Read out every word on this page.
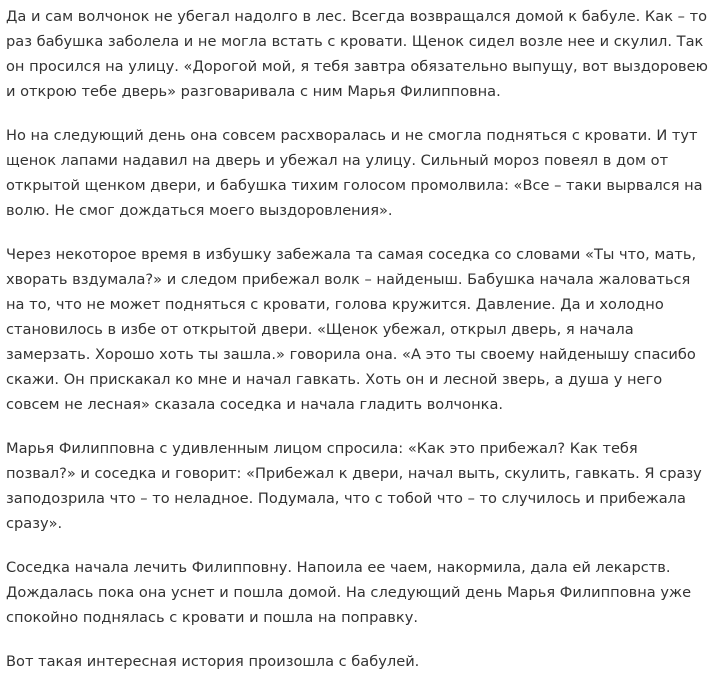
Да и сам волчонок не убегал надолго в лес. Всегда возвращался домой к бабуле. Как – то раз бабушка заболела и не могла встать с кровати. Щенок сидел возле нее и скулил. Так он просился на улицу. «Дорогой мой, я тебя завтра обязательно выпущу, вот выздоровею и открою тебе дверь» разговаривала с ним Марья Филипповна.

Но на следующий день она совсем расхворалась и не смогла подняться с кровати. И тут щенок лапами надавил на дверь и убежал на улицу. Сильный мороз повеял в дом от открытой щенком двери, и бабушка тихим голосом промолвила: «Все – таки вырвался на волю. Не смог дождаться моего выздоровления».

Через некоторое время в избушку забежала та самая соседка со словами «Ты что, мать, хворать вздумала?» и следом прибежал волк – найденыш. Бабушка начала жаловаться на то, что не может подняться с кровати, голова кружится. Давление. Да и холодно становилось в избе от открытой двери. «Щенок убежал, открыл дверь, я начала замерзать. Хорошо хоть ты зашла.» говорила она. «А это ты своему найденышу спасибо скажи. Он прискакал ко мне и начал гавкать. Хоть он и лесной зверь, а душа у него совсем не лесная» сказала соседка и начала гладить волчонка.

Марья Филипповна с удивленным лицом спросила: «Как это прибежал? Как тебя позвал?» и соседка и говорит: «Прибежал к двери, начал выть, скулить, гавкать. Я сразу заподозрила что – то неладное. Подумала, что с тобой что – то случилось и прибежала сразу».

Соседка начала лечить Филипповну. Напоила ее чаем, накормила, дала ей лекарств. Дождалась пока она уснет и пошла домой. На следующий день Марья Филипповна уже спокойно поднялась с кровати и пошла на поправку.

Вот такая интересная история произошла с бабулей.
